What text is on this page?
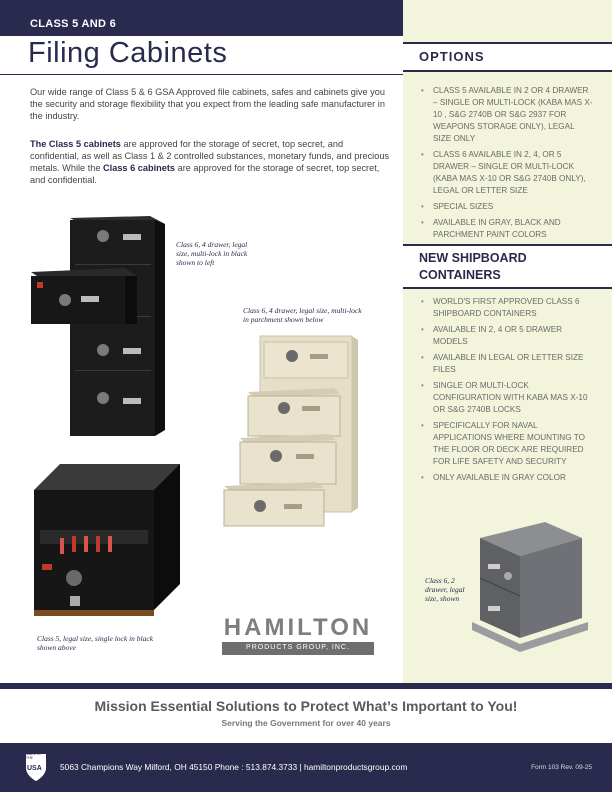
CLASS 5 AND 6
Filing Cabinets	OPTIONS
• CLASS 5 AVAILABLE IN 2 OR 4 DRAWER – SINGLE OR MULTI-LOCK (KABA MAS X-10 , S&G 2740B OR S&G 2937 FOR WEAPONS STORAGE ONLY), LEGAL SIZE ONLY
• CLASS 6 AVAILABLE IN 2, 4, OR 5 DRAWER – SINGLE OR MULTI-LOCK (KABA MAS X-10 OR S&G 2740B ONLY), LEGAL OR LETTER SIZE
• SPECIAL SIZES
• AVAILABLE IN GRAY, BLACK AND PARCHMENT PAINT COLORS
NEW SHIPBOARD CONTAINERS
• WORLD'S FIRST APPROVED CLASS 6 SHIPBOARD CONTAINERS
• AVAILABLE IN 2, 4 OR 5 DRAWER MODELS
• AVAILABLE IN LEGAL OR LETTER SIZE FILES
• SINGLE OR MULTI-LOCK CONFIGURATION WITH KABA MAS X-10 OR S&G 2740B LOCKS
• SPECIFICALLY FOR NAVAL APPLICATIONS WHERE MOUNTING TO THE FLOOR OR DECK ARE REQUIRED FOR LIFE SAFETY AND SECURITY
• ONLY AVAILABLE IN GRAY COLOR
Class 6, 2 drawer, legal size, shown
Our wide range of Class 5 & 6 GSA Approved file cabinets, safes and cabinets give you the security and storage flexibility that you expect from the leading safe manufacturer in the industry.
The Class 5 cabinets are approved for the storage of secret, top secret, and confidential, as well as Class 1 & 2 controlled substances, monetary funds, and precious metals. While the Class 6 cabinets are approved for the storage of secret, top secret, and confidential.
Class 6, 4 drawer, legal size, multi-lock in black shown to left
Class 6, 4 drawer, legal size, multi-lock in parchment shown below
Class 5, legal size, single lock in black shown above
HAMILTON
PRODUCTS GROUP, INC.
Mission Essential Solutions to Protect What’s Important to You!
Serving the Government for over 40 years
MADE IN THE
USA 5063 Champions Way Milford, OH 45150 Phone : 513.874.3733 | hamiltonproductsgroup.com	Form 103 Rev. 09-25
